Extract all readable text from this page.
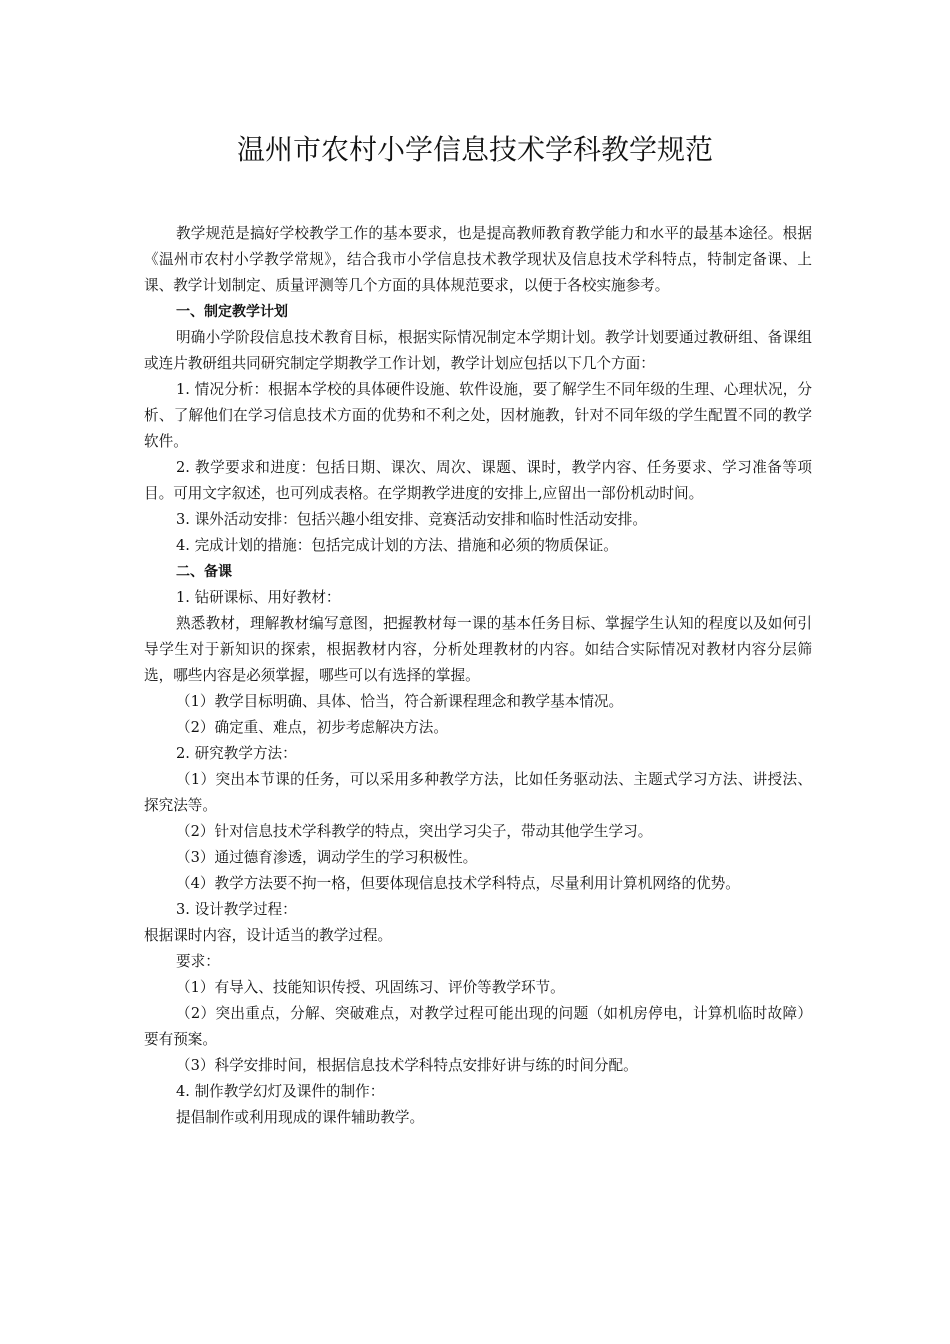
温州市农村小学信息技术学科教学规范

教学规范是搞好学校教学工作的基本要求，也是提高教师教育教学能力和水平的最基本途径。根据《温州市农村小学教学常规》，结合我市小学信息技术教学现状及信息技术学科特点，特制定备课、上课、教学计划制定、质量评测等几个方面的具体规范要求，以便于各校实施参考。

一、制定教学计划

明确小学阶段信息技术教育目标，根据实际情况制定本学期计划。教学计划要通过教研组、备课组或连片教研组共同研究制定学期教学工作计划，教学计划应包括以下几个方面：

1. 情况分析：根据本学校的具体硬件设施、软件设施，要了解学生不同年级的生理、心理状况，分析、了解他们在学习信息技术方面的优势和不利之处，因材施教，针对不同年级的学生配置不同的教学软件。

2. 教学要求和进度：包括日期、课次、周次、课题、课时，教学内容、任务要求、学习准备等项目。可用文字叙述，也可列成表格。在学期教学进度的安排上,应留出一部份机动时间。

3. 课外活动安排：包括兴趣小组安排、竞赛活动安排和临时性活动安排。

4. 完成计划的措施：包括完成计划的方法、措施和必须的物质保证。

二、备课

1. 钻研课标、用好教材：

熟悉教材，理解教材编写意图，把握教材每一课的基本任务目标、掌握学生认知的程度以及如何引导学生对于新知识的探索，根据教材内容，分析处理教材的内容。如结合实际情况对教材内容分层筛选，哪些内容是必须掌握，哪些可以有选择的掌握。

（1）教学目标明确、具体、恰当，符合新课程理念和教学基本情况。

（2）确定重、难点，初步考虑解决方法。

2. 研究教学方法：

（1）突出本节课的任务，可以采用多种教学方法，比如任务驱动法、主题式学习方法、讲授法、探究法等。

（2）针对信息技术学科教学的特点，突出学习尖子，带动其他学生学习。

（3）通过德育渗透，调动学生的学习积极性。

（4）教学方法要不拘一格，但要体现信息技术学科特点，尽量利用计算机网络的优势。

3. 设计教学过程：

根据课时内容，设计适当的教学过程。

要求：

（1）有导入、技能知识传授、巩固练习、评价等教学环节。

（2）突出重点，分解、突破难点，对教学过程可能出现的问题（如机房停电，计算机临时故障）要有预案。

（3）科学安排时间，根据信息技术学科特点安排好讲与练的时间分配。

4. 制作教学幻灯及课件的制作：

提倡制作或利用现成的课件辅助教学。
